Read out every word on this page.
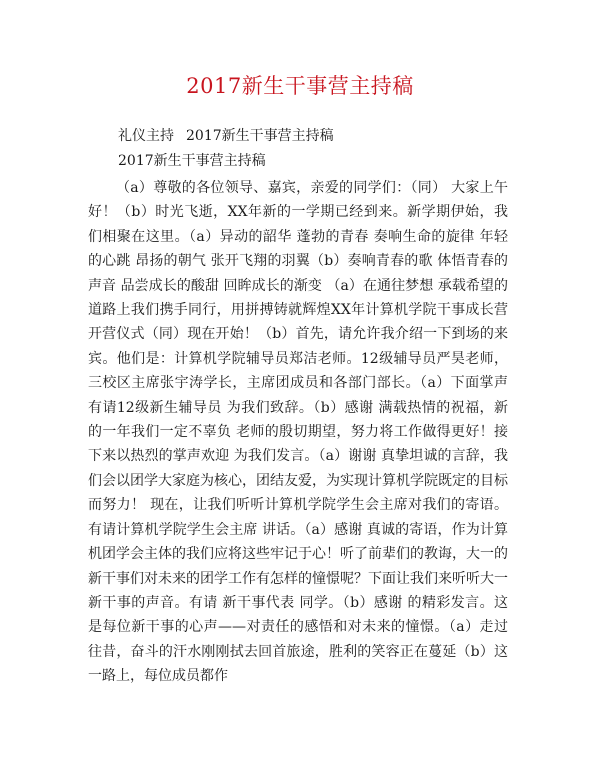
2017新生干事营主持稿
礼仪主持 2017新生干事营主持稿
2017新生干事营主持稿

（a）尊敬的各位领导、嘉宾，亲爱的同学们：（同） 大家上午好！（b）时光飞逝，XX年新的一学期已经到来。新学期伊始，我们相聚在这里。（a）异动的韶华 蓬勃的青春 奏响生命的旋律 年轻的心跳 昂扬的朝气 张开飞翔的羽翼（b）奏响青春的歌 体悟青春的声音 品尝成长的酸甜 回眸成长的渐变 （a）在通往梦想 承载希望的道路上我们携手同行，用拼搏铸就辉煌XX年计算机学院干事成长营开营仪式（同）现在开始！（b）首先，请允许我介绍一下到场的来宾。他们是：计算机学院辅导员郑洁老师。12级辅导员严昊老师，三校区主席张宇涛学长，主席团成员和各部门部长。（a）下面掌声有请12级新生辅导员 为我们致辞。（b）感谢 满载热情的祝福，新的一年我们一定不辜负 老师的殷切期望，努力将工作做得更好！接下来以热烈的掌声欢迎 为我们发言。（a）谢谢 真挚坦诚的言辞，我们会以团学大家庭为核心，团结友爱，为实现计算机学院既定的目标而努力！ 现在，让我们听听计算机学院学生会主席对我们的寄语。有请计算机学院学生会主席 讲话。（a）感谢 真诚的寄语，作为计算机团学会主体的我们应将这些牢记于心！听了前辈们的教诲，大一的新干事们对未来的团学工作有怎样的憧憬呢？下面让我们来听听大一新干事的声音。有请 新干事代表 同学。（b）感谢 的精彩发言。这是每位新干事的心声——对责任的感悟和对未来的憧憬。（a）走过往昔，奋斗的汗水刚刚拭去回首旅途，胜利的笑容正在蔓延（b）这一路上，每位成员都作
